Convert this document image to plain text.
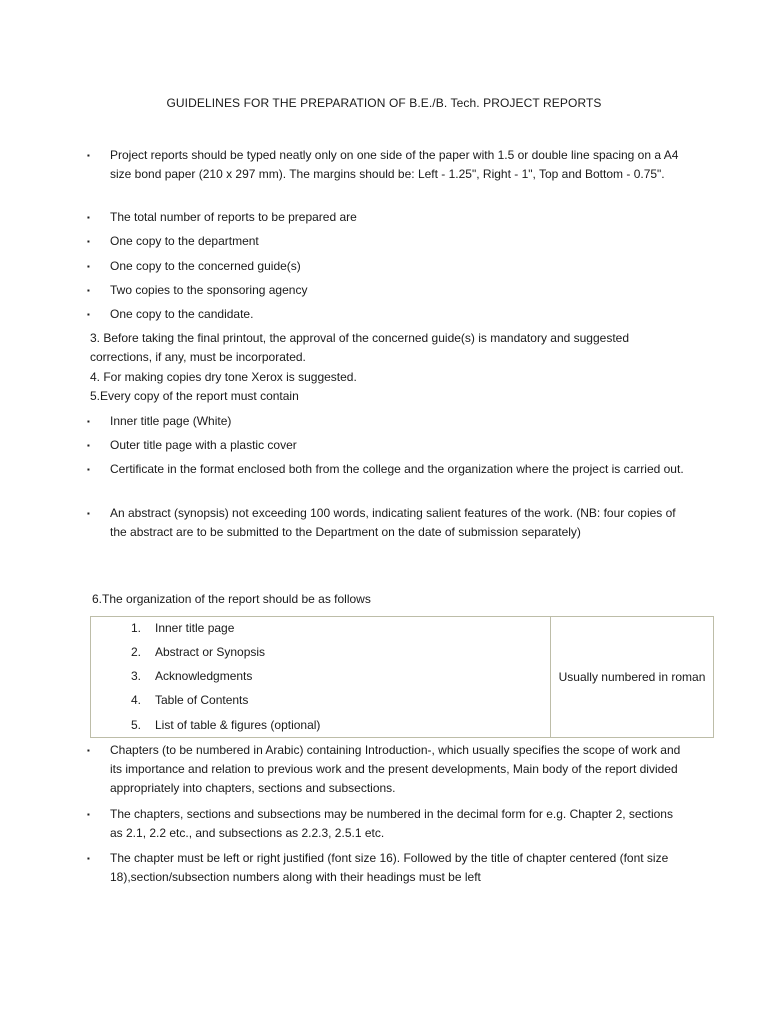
GUIDELINES FOR THE PREPARATION OF B.E./B. Tech. PROJECT REPORTS
▪ Project reports should be typed neatly only on one side of the paper with 1.5 or double line spacing on a A4 size bond paper (210 x 297 mm). The margins should be: Left - 1.25", Right - 1", Top and Bottom - 0.75".
▪ The total number of reports to be prepared are
▪ One copy to the department
▪ One copy to the concerned guide(s)
▪ Two copies to the sponsoring agency
▪ One copy to the candidate.
3. Before taking the final printout, the approval of the concerned guide(s) is mandatory and suggested corrections, if any, must be incorporated.
4. For making copies dry tone Xerox is suggested.
5.Every copy of the report must contain
▪ Inner title page (White)
▪ Outer title page with a plastic cover
▪ Certificate in the format enclosed both from the college and the organization where the project is carried out.
▪ An abstract (synopsis) not exceeding 100 words, indicating salient features of the work. (NB: four copies of the abstract are to be submitted to the Department on the date of submission separately)
6.The organization of the report should be as follows
1. Inner title page
2. Abstract or Synopsis
3. Acknowledgments
4. Table of Contents
5. List of table & figures (optional)
Usually numbered in roman
▪ Chapters (to be numbered in Arabic) containing Introduction-, which usually specifies the scope of work and its importance and relation to previous work and the present developments, Main body of the report divided appropriately into chapters, sections and subsections.
▪ The chapters, sections and subsections may be numbered in the decimal form for e.g. Chapter 2, sections as 2.1, 2.2 etc., and subsections as 2.2.3, 2.5.1 etc.
▪ The chapter must be left or right justified (font size 16). Followed by the title of chapter centered (font size 18),section/subsection numbers along with their headings must be left
